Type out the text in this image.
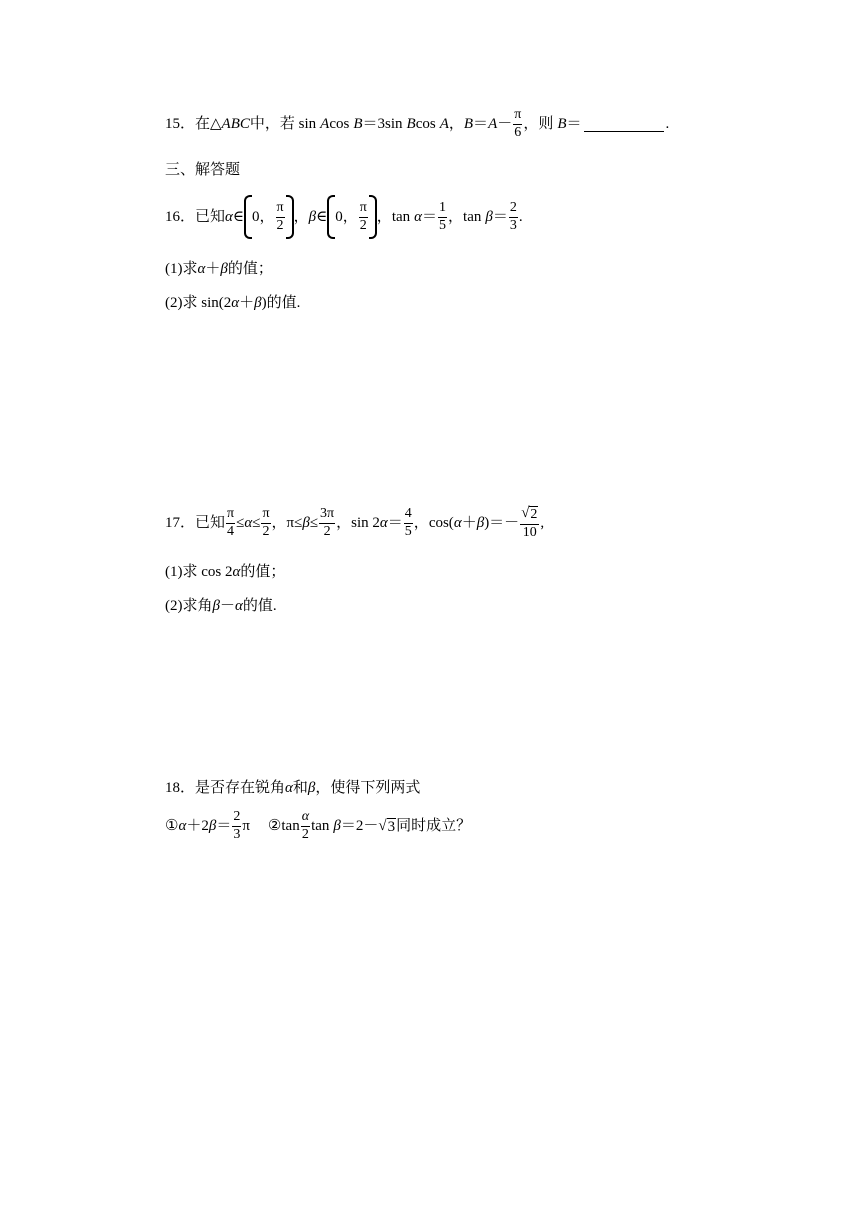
15．在△ ABC 中，若 sin A cos B ＝3sin B cos A ， $B = A - \frac{\pi}{6}$ ，则 B ＝	.
三、解答题
16．已知 α ∈ 0， $\frac{\pi}{2}$ ， β ∈ 0， $\frac{\pi}{2}$ ， $\tan \alpha = \frac{1}{5}$ ， $\tan \beta = \frac{2}{3}$ .
(1)求 α ＋ β 的值；
(2)求 sin(2 α ＋ β )的值.
17．已知 $\frac{\pi}{4} \le \alpha \le \frac{\pi}{2}$ ，$\pi\le \beta \le \frac{3\pi}{2}$ ， sin 2 $\alpha = \frac{4}{5}$ ， cos( α ＋ β )＝－ $\frac{√ 2}{10}$ ,
(1)求 cos 2 α 的值；
(2)求角 β － α 的值.
18．是否存在锐角 α 和 β ，使得下列两式
① α ＋2 $\beta = \frac{2}{3}$ π ②tan $\frac{\alpha}{2}$ tan β ＝2－ √ 3 同时成立？
